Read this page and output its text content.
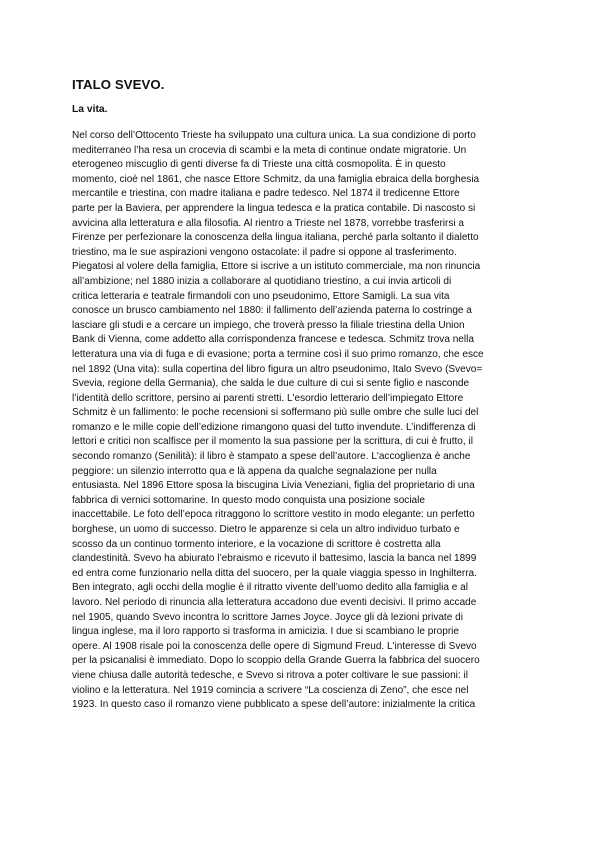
ITALO SVEVO.
La vita.
Nel corso dell’Ottocento Trieste ha sviluppato una cultura unica. La sua condizione di porto
mediterraneo l’ha resa un crocevia di scambi e la meta di continue ondate migratorie. Un
eterogeneo miscuglio di genti diverse fa di Trieste una città cosmopolita. È in questo
momento, cioè nel 1861, che nasce Ettore Schmitz, da una famiglia ebraica della borghesia
mercantile e triestina, con madre italiana e padre tedesco. Nel 1874 il tredicenne Ettore
parte per la Baviera, per apprendere la lingua tedesca e la pratica contabile. Di nascosto si
avvicina alla letteratura e alla filosofia. Al rientro a Trieste nel 1878, vorrebbe trasferirsi a
Firenze per perfezionare la conoscenza della lingua italiana, perché parla soltanto il dialetto
triestino, ma le sue aspirazioni vengono ostacolate: il padre si oppone al trasferimento.
Piegatosi al volere della famiglia, Ettore si iscrive a un istituto commerciale, ma non rinuncia
all’ambizione; nel 1880 inizia a collaborare al quotidiano triestino, a cui invia articoli di
critica letteraria e teatrale firmandoli con uno pseudonimo, Ettore Samigli. La sua vita
conosce un brusco cambiamento nel 1880: il fallimento dell’azienda paterna lo costringe a
lasciare gli studi e a cercare un impiego, che troverà presso la filiale triestina della Union
Bank di Vienna, come addetto alla corrispondenza francese e tedesca. Schmitz trova nella
letteratura una via di fuga e di evasione; porta a termine così il suo primo romanzo, che esce
nel 1892 (Una vita): sulla copertina del libro figura un altro pseudonimo, Italo Svevo (Svevo=
Svevia, regione della Germania), che salda le due culture di cui si sente figlio e nasconde
l’identità dello scrittore, persino ai parenti stretti. L'esordio letterario dell’impiegato Ettore
Schmitz è un fallimento: le poche recensioni si soffermano più sulle ombre che sulle luci del
romanzo e le mille copie dell’edizione rimangono quasi del tutto invendute. L’indifferenza di
lettori e critici non scalfisce per il momento la sua passione per la scrittura, di cui è frutto, il
secondo romanzo (Senilità): il libro è stampato a spese dell’autore. L'accoglienza è anche
peggiore: un silenzio interrotto qua e là appena da qualche segnalazione per nulla
entusiasta. Nel 1896 Ettore sposa la biscugina Livia Veneziani, figlia del proprietario di una
fabbrica di vernici sottomarine. In questo modo conquista una posizione sociale
inaccettabile. Le foto dell’epoca ritraggono lo scrittore vestito in modo elegante: un perfetto
borghese, un uomo di successo. Dietro le apparenze si cela un altro individuo turbato e
scosso da un continuo tormento interiore, e la vocazione di scrittore è costretta alla
clandestinità. Svevo ha abiurato l’ebraismo e ricevuto il battesimo, lascia la banca nel 1899
ed entra come funzionario nella ditta del suocero, per la quale viaggia spesso in Inghilterra.
Ben integrato, agli occhi della moglie è il ritratto vivente dell’uomo dedito alla famiglia e al
lavoro. Nel periodo di rinuncia alla letteratura accadono due eventi decisivi. Il primo accade
nel 1905, quando Svevo incontra lo scrittore James Joyce. Joyce gli dà lezioni private di
lingua inglese, ma il loro rapporto si trasforma in amicizia. I due si scambiano le proprie
opere. Al 1908 risale poi la conoscenza delle opere di Sigmund Freud. L'interesse di Svevo
per la psicanalisi è immediato. Dopo lo scoppio della Grande Guerra la fabbrica del suocero
viene chiusa dalle autorità tedesche, e Svevo si ritrova a poter coltivare le sue passioni: il
violino e la letteratura. Nel 1919 comincia a scrivere “La coscienza di Zeno”, che esce nel
1923. In questo caso il romanzo viene pubblicato a spese dell’autore: inizialmente la critica
